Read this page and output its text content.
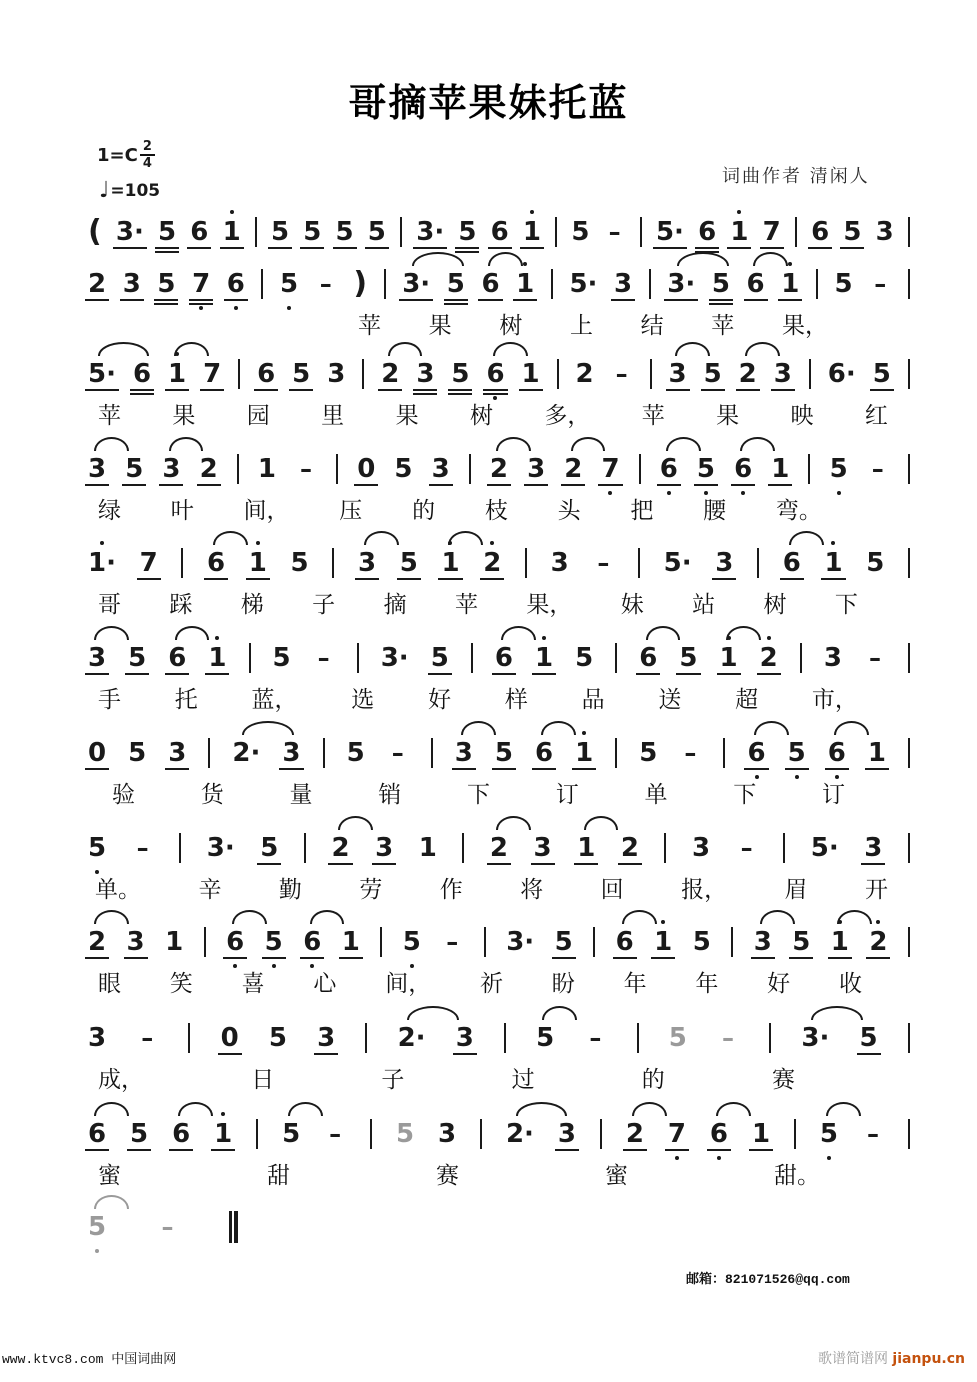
哥摘苹果妹托蓝
$1=C \frac{2}{4}$
♩ =105
词曲作者 清闲人
( 3· 5 6 1 5 5 5 5 3· 5 6 1 5 – 5· 6 1 7 6 5 3
2 3 5 7 6 5 – ) 3· 5 6 1 5· 3 3· 5 6 1 5 –
苹 果 树 上 结 苹 果，
5· 6 1 7 6 5 3 2 3 5 6 1 2 – 3 5 2 3 6· 5
苹 果 园 里 果 树 多， 苹 果 映 红
3 5 3 2 1 – 0 5 3 2 3 2 7 6 5 6 1 5 –
绿 叶 间， 压 的 枝 头 把 腰 弯。
1· 7 6 1 5 3 5 1 2 3 – 5· 3 6 1 5
哥 踩 梯 子 摘 苹 果， 妹 站 树 下
3 5 6 1 5 – 3· 5 6 1 5 6 5 1 2 3 –
手 托 蓝， 选 好 样 品 送 超 市，
0 5 3 2· 3 5 – 3 5 6 1 5 – 6 5 6 1
验	货	量	销	下	订	单	下	订
5 – 3· 5 2 3 1 2 3 1 2 3 – 5· 3
单。 辛 勤 劳 作 将 回 报， 眉 开
2 3 1 6 5 6 1 5 – 3· 5 6 1 5 3 5 1 2
眼 笑 喜 心 间， 祈 盼 年 年 好 收
3 –	0 5 3 2· 3 5 –	5 –	3· 5
成，	日	子	过	的	赛
6 5 6 1 5 – 5 3 2· 3 2 7 6 1 5 –
蜜	甜	赛	蜜	甜。
5 –
邮箱：821071526@qq.com
www.ktvc8.com 中国词曲网	歌谱简谱网 jianpu.cn
